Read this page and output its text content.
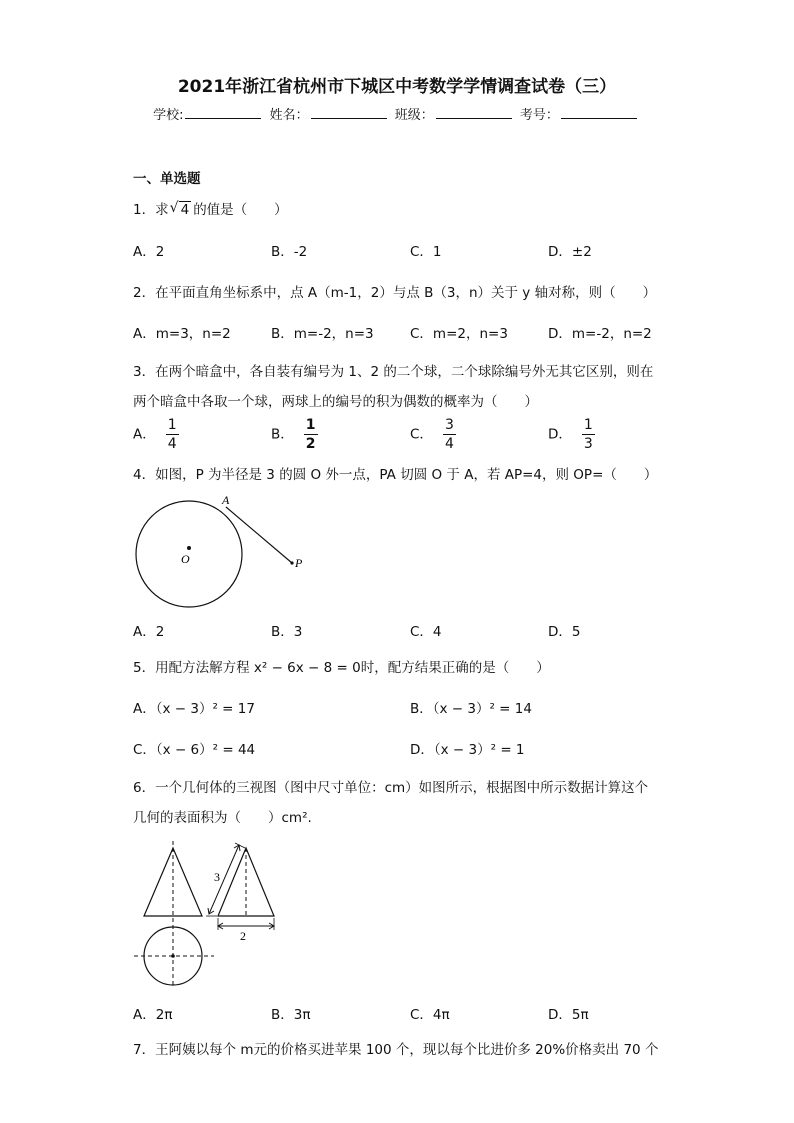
2021年浙江省杭州市下城区中考数学学情调查试卷（三）
学校:	姓名：	班级：	考号：
一、单选题
1．求√ 4 的值是（　　）
A．2	B．-2	C．1	D．±2
2．在平面直角坐标系中，点 A（m-1，2）与点 B（3，n）关于 y 轴对称，则（　　）
A．m=3，n=2	B．m=-2，n=3	C．m=2，n=3	D．m=-2，n=2
3．在两个暗盒中，各自装有编号为 1、2 的二个球，二个球除编号外无其它区别，则在
两个暗盒中各取一个球，两球上的编号的积为偶数的概率为（　　）
A． $\frac{1}{4}$	B． $\frac{1}{2}$	C． $\frac{3}{4}$	D． $\frac{1}{3}$
4．如图，P 为半径是 3 的圆 O 外一点，PA 切圆 O 于 A，若 AP=4，则 OP=（　　）
A
O	P
A．2	B．3	C．4	D．5
5．用配方法解方程 x² − 6x − 8 = 0时，配方结果正确的是（　　）
A．（x − 3）² = 17	B．（x − 3）² = 14
C．（x − 6）² = 44	D．（x − 3）² = 1
6．一个几何体的三视图（图中尺寸单位：cm）如图所示，根据图中所示数据计算这个
几何的表面积为（　　）cm².
3
2
A．2π	B．3π	C．4π	D．5π
7．王阿姨以每个 m元的价格买进苹果 100 个，现以每个比进价多 20%价格卖出 70 个
